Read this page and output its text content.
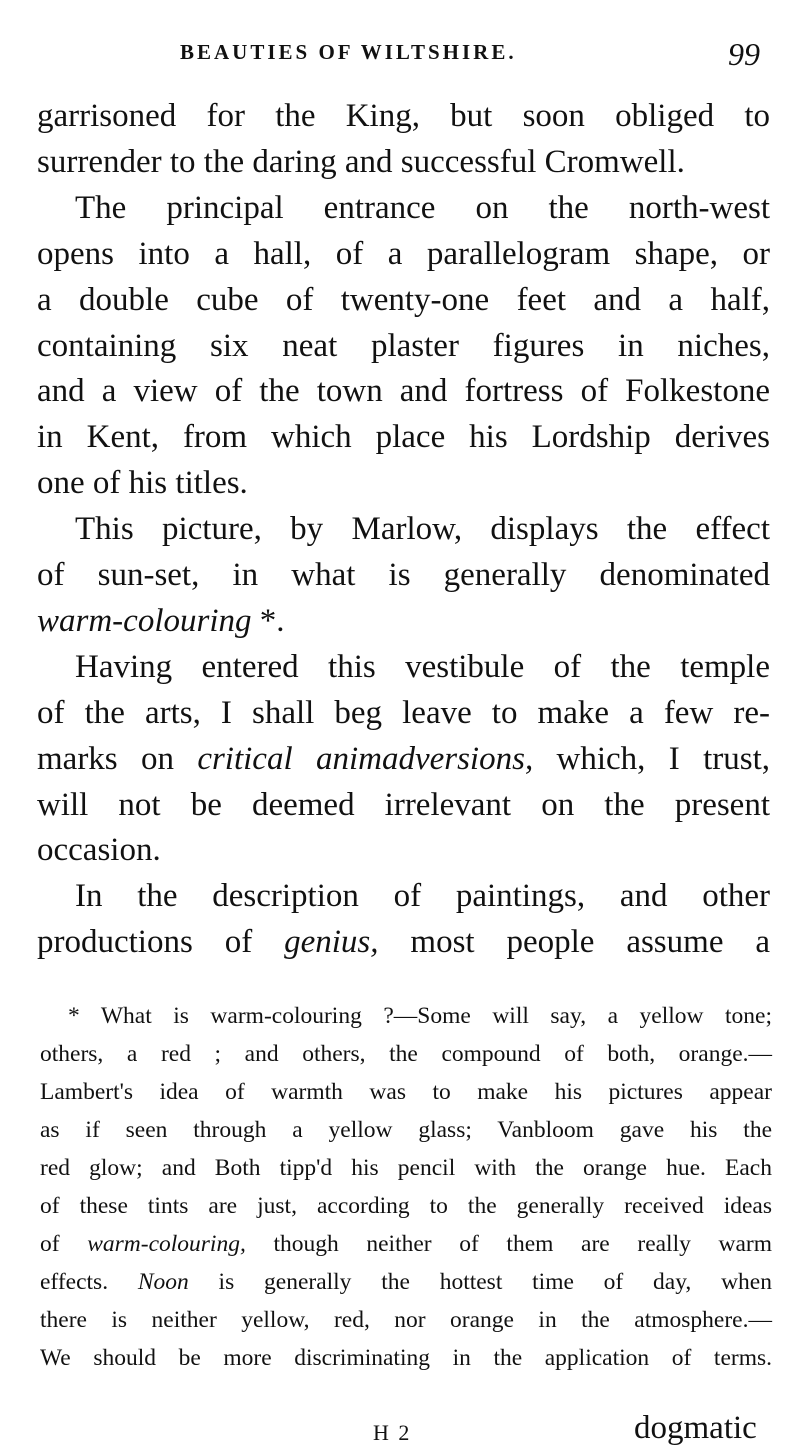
BEAUTIES OF WILTSHIRE.	99
garrisoned for the King, but soon obliged to
surrender to the daring and successful Cromwell.
The principal entrance on the north-west
opens into a hall, of a parallelogram shape, or
a double cube of twenty-one feet and a half,
containing six neat plaster figures in niches,
and a view of the town and fortress of Folkestone
in Kent, from which place his Lordship derives
one of his titles.
This picture, by Marlow, displays the effect
of sun-set, in what is generally denominated
warm-colouring *.
Having entered this vestibule of the temple
of the arts, I shall beg leave to make a few re-
marks on critical animadversions, which, I trust,
will not be deemed irrelevant on the present
occasion.
In the description of paintings, and other
productions of genius, most people assume a
* What is warm-colouring ?—Some will say, a yellow tone;
others, a red ; and others, the compound of both, orange.—
Lambert's idea of warmth was to make his pictures appear
as if seen through a yellow glass; Vanbloom gave his the
red glow; and Both tipp'd his pencil with the orange hue. Each
of these tints are just, according to the generally received ideas
of warm-colouring, though neither of them are really warm
effects. Noon is generally the hottest time of day, when
there is neither yellow, red, nor orange in the atmosphere.—
We should be more discriminating in the application of terms.
H 2	dogmatic
